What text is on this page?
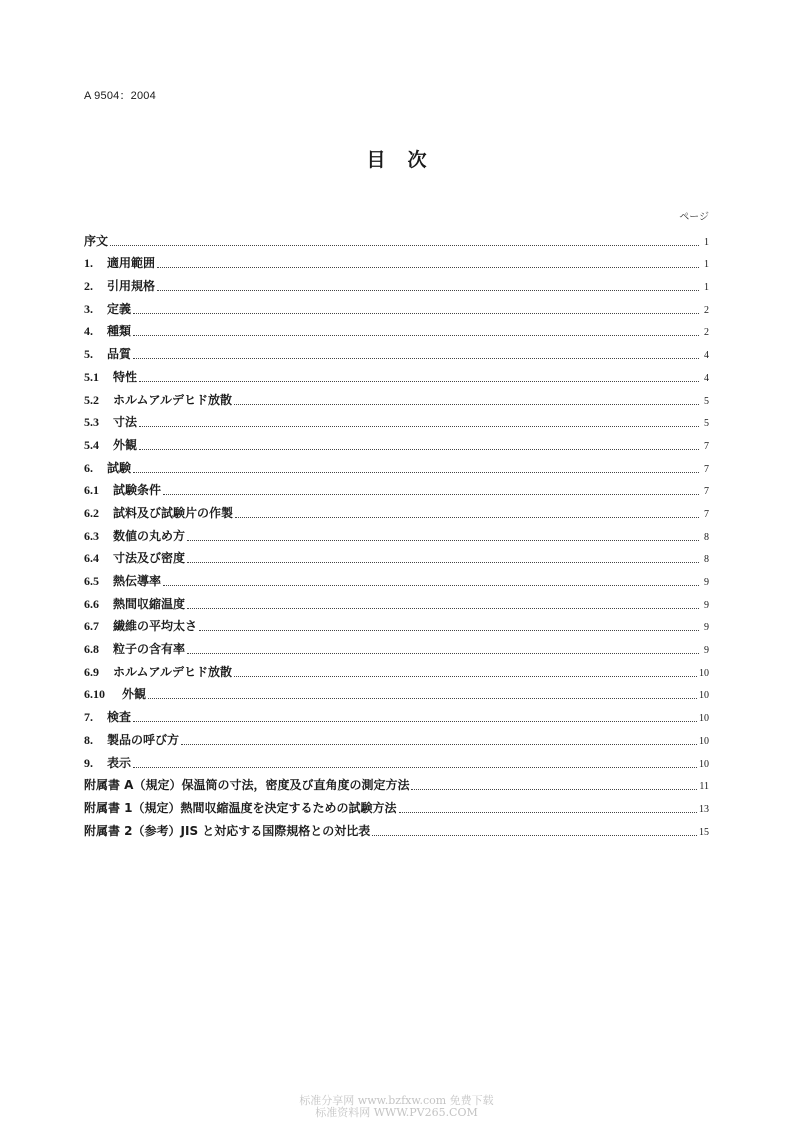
A 9504：2004
目次
ページ
序文	1
1.	適用範囲	1
2.	引用規格	1
3.	定義	2
4.	種類	2
5.	品質	4
5.1	特性	4
5.2	ホルムアルデヒド放散	5
5.3	寸法	5
5.4	外観	7
6.	試験	7
6.1	試験条件	7
6.2	試料及び試験片の作製	7
6.3	数値の丸め方	8
6.4	寸法及び密度	8
6.5	熱伝導率	9
6.6	熱間収縮温度	9
6.7	繊維の平均太さ	9
6.8	粒子の含有率	9
6.9	ホルムアルデヒド放散	10
6.10	外観	10
7.	検査	10
8.	製品の呼び方	10
9.	表示	10
附属書 A（規定）保温筒の寸法，密度及び直角度の測定方法	11
附属書 1（規定）熱間収縮温度を決定するための試験方法	13
附属書 2（参考）JIS と対応する国際規格との対比表	15
标准分享网 www.bzfxw.com 免费下载
标准资料网 WWW.PV265.COM
